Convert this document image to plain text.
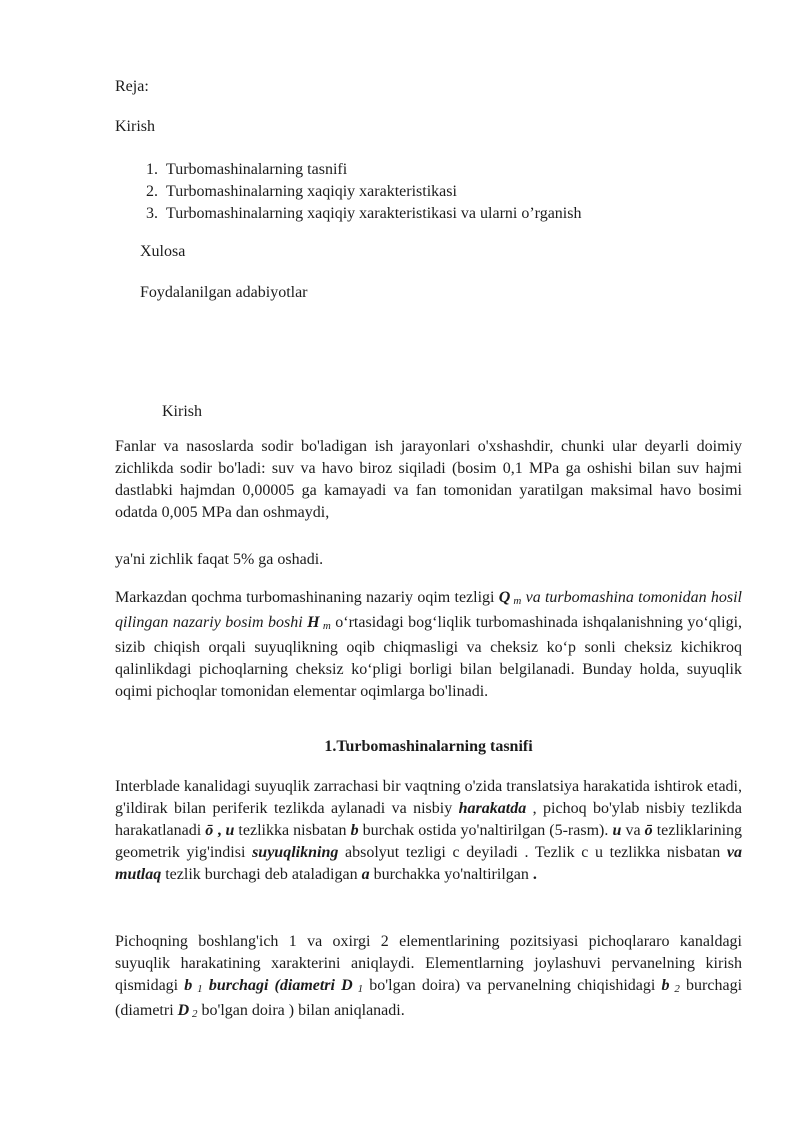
Reja:
Kirish
1. Turbomashinalarning tasnifi
2. Turbomashinalarning xaqiqiy xarakteristikasi
3. Turbomashinalarning xaqiqiy xarakteristikasi va ularni o’rganish
Xulosa
Foydalanilgan adabiyotlar
Kirish

Fanlar va nasoslarda sodir bo'ladigan ish jarayonlari o'xshashdir, chunki ular deyarli doimiy zichlikda sodir bo'ladi: suv va havo biroz siqiladi (bosim 0,1 MPa ga oshishi bilan suv hajmi dastlabki hajmdan 0,00005 ga kamayadi va fan tomonidan yaratilgan maksimal havo bosimi odatda 0,005 MPa dan oshmaydi,

ya'ni zichlik faqat 5% ga oshadi.

Markazdan qochma turbomashinaning nazariy oqim tezligi Q m va turbomashina tomonidan hosil qilingan nazariy bosim boshi H m oʻrtasidagi bogʻliqlik turbomashinada ishqalanishning yoʻqligi, sizib chiqish orqali suyuqlikning oqib chiqmasligi va cheksiz koʻp sonli cheksiz kichikroq qalinlikdagi pichoqlarning cheksiz koʻpligi borligi bilan belgilanadi. Bunday holda, suyuqlik oqimi pichoqlar tomonidan elementar oqimlarga bo'linadi.

1.Turbomashinalarning tasnifi

Interblade kanalidagi suyuqlik zarrachasi bir vaqtning o'zida translatsiya harakatida ishtirok etadi, g'ildirak bilan periferik tezlikda aylanadi va nisbiy harakatda , pichoq bo'ylab nisbiy tezlikda harakatlanadi ō , u tezlikka nisbatan b burchak ostida yo'naltirilgan (5-rasm). u va ō tezliklarining geometrik yig'indisi suyuqlikning absolyut tezligi c deyiladi . Tezlik c u tezlikka nisbatan va mutlaq tezlik burchagi deb ataladigan a burchakka yo'naltirilgan .

Pichoqning boshlang'ich 1 va oxirgi 2 elementlarining pozitsiyasi pichoqlararo kanaldagi suyuqlik harakatining xarakterini aniqlaydi. Elementlarning joylashuvi pervanelning kirish qismidagi b 1 burchagi (diametri D 1 bo'lgan doira) va pervanelning chiqishidagi b 2 burchagi (diametri D 2 bo'lgan doira ) bilan aniqlanadi.
